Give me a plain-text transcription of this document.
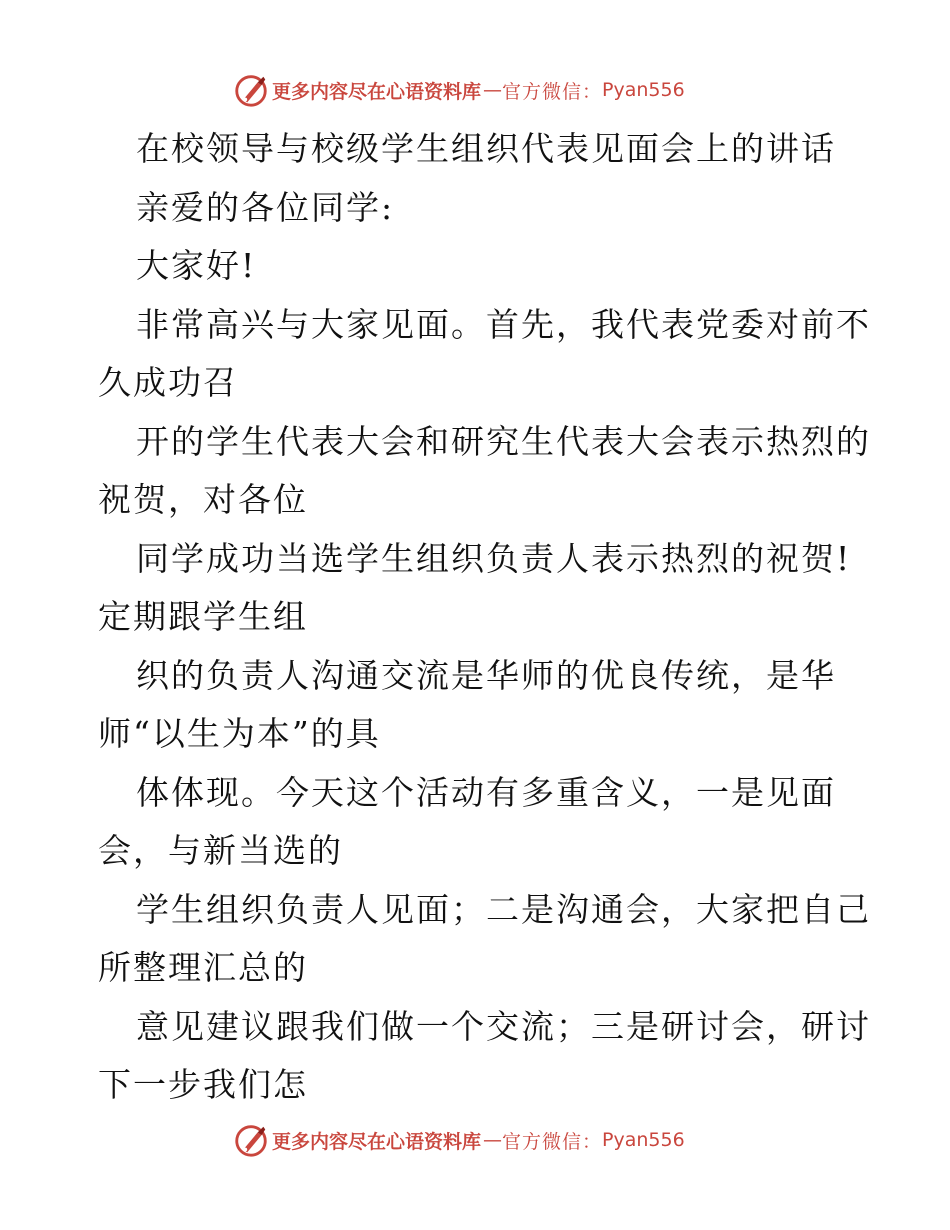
更多内容尽在心语资料库 — 官方微信： Pyan556
在校领导与校级学生组织代表见面会上的讲话
亲爱的各位同学:
大家好!
非常高兴与大家见面。首先，我代表党委对前不
久成功召
开的学生代表大会和研究生代表大会表示热烈的
祝贺，对各位
同学成功当选学生组织负责人表示热烈的祝贺!
定期跟学生组
织的负责人沟通交流是华师的优良传统，是华
师“以生为本”的具
体体现。今天这个活动有多重含义，一是见面
会，与新当选的
学生组织负责人见面；二是沟通会，大家把自己
所整理汇总的
意见建议跟我们做一个交流；三是研讨会，研讨
下一步我们怎
更多内容尽在心语资料库 — 官方微信： Pyan556
